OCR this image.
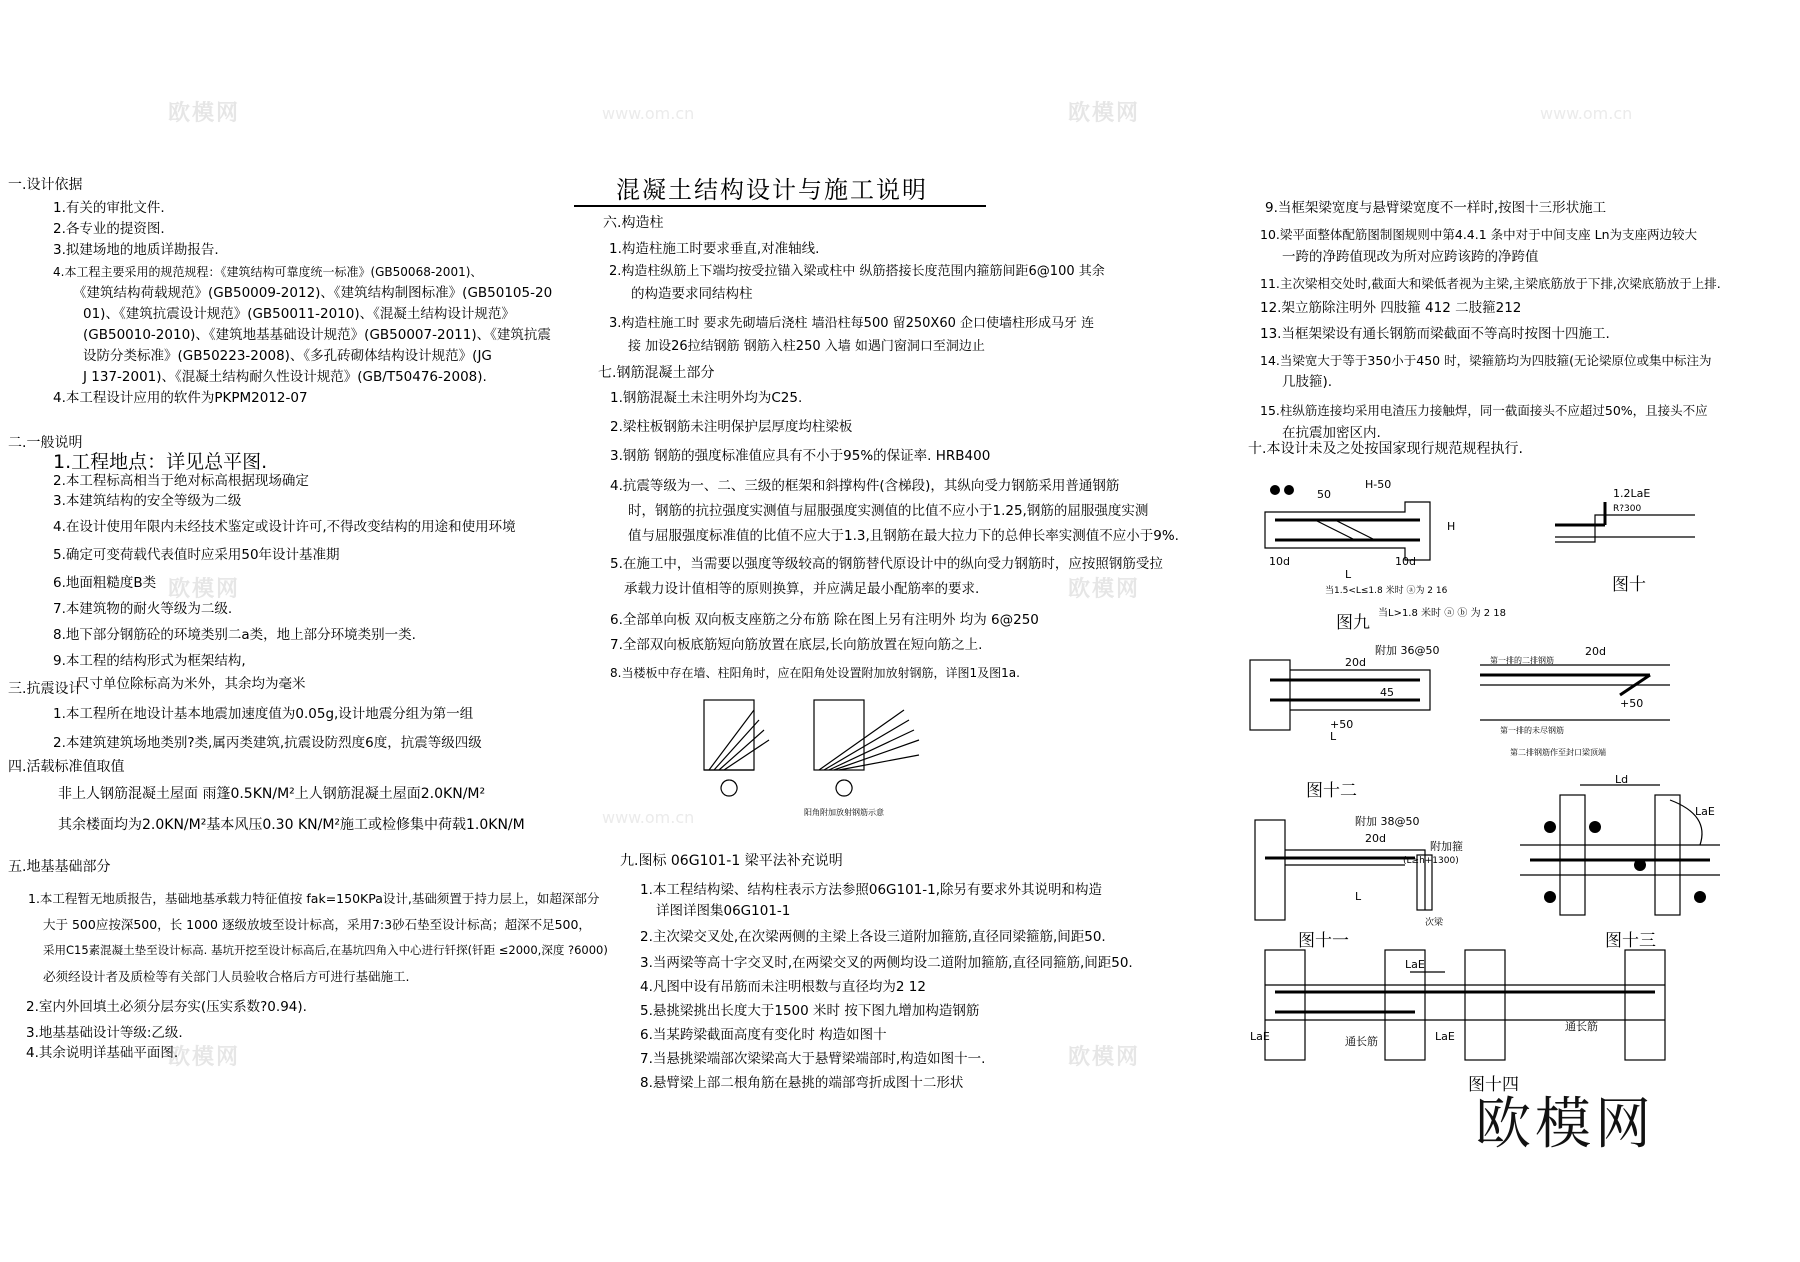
欧模网	www.om.cn	欧模网	www.om.cn
欧模网	欧模网
www.om.cn
欧模网	欧模网
欧模网
混凝土结构设计与施工说明
一.设计依据
1.有关的审批文件.
2.各专业的提资图.
3.拟建场地的地质详勘报告.
4.本工程主要采用的规范规程：《建筑结构可靠度统一标准》(GB50068-2001)、
《建筑结构荷载规范》(GB50009-2012)、《建筑结构制图标准》(GB50105-20
01)、《建筑抗震设计规范》(GB50011-2010)、《混凝土结构设计规范》
(GB50010-2010)、《建筑地基基础设计规范》(GB50007-2011)、《建筑抗震
设防分类标准》(GB50223-2008)、《多孔砖砌体结构设计规范》(JG
J 137-2001)、《混凝土结构耐久性设计规范》(GB/T50476-2008).
4.本工程设计应用的软件为PKPM2012-07
二.一般说明
1.工程地点：详见总平图.
2.本工程标高相当于绝对标高根据现场确定
3.本建筑结构的安全等级为二级
4.在设计使用年限内未经技术鉴定或设计许可,不得改变结构的用途和使用环境
5.确定可变荷载代表值时应采用50年设计基准期
6.地面粗糙度B类
7.本建筑物的耐火等级为二级.
8.地下部分钢筋砼的环境类别二a类，地上部分环境类别一类.
9.本工程的结构形式为框架结构,
尺寸单位除标高为米外，其余均为毫米
三.抗震设计
1.本工程所在地设计基本地震加速度值为0.05g,设计地震分组为第一组
2.本建筑建筑场地类别?类,属丙类建筑,抗震设防烈度6度，抗震等级四级
四.活载标准值取值
非上人钢筋混凝土屋面 雨篷0.5KN/M²上人钢筋混凝土屋面2.0KN/M²
其余楼面均为2.0KN/M²基本风压0.30 KN/M²施工或检修集中荷载1.0KN/M
五.地基基础部分
1.本工程暂无地质报告，基础地基承载力特征值按 fak=150KPa设计,基础须置于持力层上，如超深部分
大于 500应按深500，长 1000 逐级放坡至设计标高，采用7:3砂石垫至设计标高；超深不足500，
采用C15素混凝土垫至设计标高. 基坑开挖至设计标高后,在基坑四角入中心进行钎探(钎距 ≤2000,深度 ?6000)
必须经设计者及质检等有关部门人员验收合格后方可进行基础施工.
2.室内外回填土必须分层夯实(压实系数?0.94).
3.地基基础设计等级:乙级.
4.其余说明详基础平面图.
六.构造柱
1.构造柱施工时要求垂直,对准轴线.
2.构造柱纵筋上下端均按受拉锚入梁或柱中 纵筋搭接长度范围内箍筋间距6@100 其余
的构造要求同结构柱
3.构造柱施工时 要求先砌墙后浇柱 墙沿柱每500 留250X60 企口使墙柱形成马牙 连
接 加设26拉结钢筋 钢筋入柱250 入墙 如遇门窗洞口至洞边止
七.钢筋混凝土部分
1.钢筋混凝土未注明外均为C25.
2.梁柱板钢筋未注明保护层厚度均柱梁板
3.钢筋 钢筋的强度标准值应具有不小于95%的保证率. HRB400
4.抗震等级为一、二、三级的框架和斜撑构件(含梯段)，其纵向受力钢筋采用普通钢筋
时，钢筋的抗拉强度实测值与屈服强度实测值的比值不应小于1.25,钢筋的屈服强度实测
值与屈服强度标准值的比值不应大于1.3,且钢筋在最大拉力下的总伸长率实测值不应小于9%.
5.在施工中，当需要以强度等级较高的钢筋替代原设计中的纵向受力钢筋时，应按照钢筋受拉
承载力设计值相等的原则换算，并应满足最小配筋率的要求.
6.全部单向板 双向板支座筋之分布筋 除在图上另有注明外 均为 6@250
7.全部双向板底筋短向筋放置在底层,长向筋放置在短向筋之上.
8.当楼板中存在墙、柱阳角时，应在阳角处设置附加放射钢筋，详图1及图1a.
阳角附加放射钢筋示意
九.图标 06G101-1 梁平法补充说明
1.本工程结构梁、结构柱表示方法参照06G101-1,除另有要求外其说明和构造
详图详图集06G101-1
2.主次梁交叉处,在次梁两侧的主梁上各设三道附加箍筋,直径同梁箍筋,间距50.
3.当两梁等高十字交叉时,在两梁交叉的两侧均设二道附加箍筋,直径同箍筋,间距50.
4.凡图中设有吊筋而未注明根数与直径均为2 12
5.悬挑梁挑出长度大于1500 米时 按下图九增加构造钢筋
6.当某跨梁截面高度有变化时 构造如图十
7.当悬挑梁端部次梁梁高大于悬臂梁端部时,构造如图十一.
8.悬臂梁上部二根角筋在悬挑的端部弯折成图十二形状
9.当框架梁宽度与悬臂梁宽度不一样时,按图十三形状施工
10.梁平面整体配筋图制图规则中第4.4.1 条中对于中间支座 Ln为支座两边较大
一跨的净跨值现改为所对应跨该跨的净跨值
11.主次梁相交处时,截面大和梁低者视为主梁,主梁底筋放于下排,次梁底筋放于上排.
12.架立筋除注明外 四肢箍 412 二肢箍212
13.当框架梁设有通长钢筋而梁截面不等高时按图十四施工.
14.当梁宽大于等于350小于450 时，梁箍筋均为四肢箍(无论梁原位或集中标注为
几肢箍).
15.柱纵筋连接均采用电渣压力接触焊，同一截面接头不应超过50%，且接头不应
在抗震加密区内.
十.本设计未及之处按国家现行规范规程执行.
H-50
50
H
10d	10d
L
当1.5<L≤1.8 米时 ⓐ为 2 16
当L>1.8 米时 ⓐ ⓑ 为 2 18
图九
1.2LaE
R?300
图十
附加 36@50
20d
45
+50
L
20d
第一排的二排钢筋
+50
第一排的未尽钢筋
第二排钢筋作至封口梁顶端
图十二
附加 38@50
20d
附加箍
(L≥h+1300)
L
次梁
图十一
Ld
LaE
图十三
LaE
LaE	LaE
通长筋
通长筋
图十四
